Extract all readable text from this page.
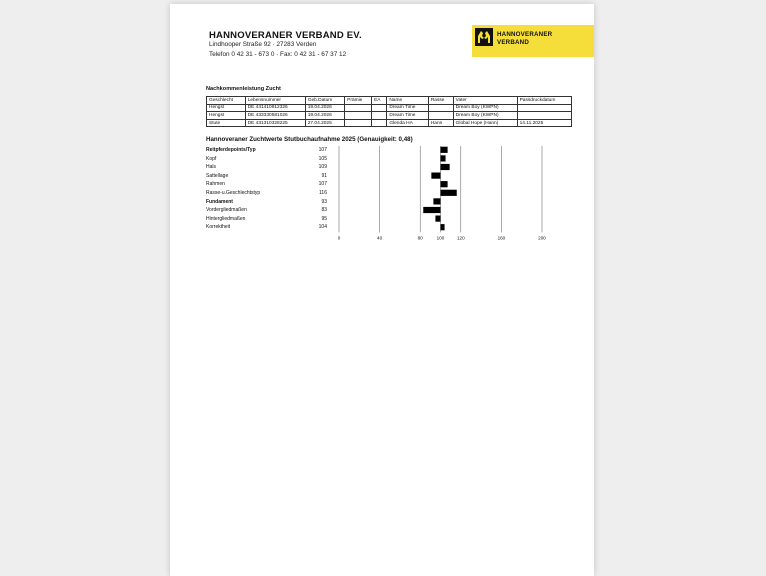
HANNOVERANER VERBAND EV.
Lindhooper Straße 92 · 27283 Verden
Telefon 0 42 31 - 673 0 · Fax: 0 42 31 - 67 37 12
HANNOVERANER
VERBAND
Nachkommenleistung Zucht
Geschlecht	Lebensnummer	Geb.Datum	Prämie	EA	Name	Rasse	Vater	Passdruckdatum
Hengst	DE 441410912326	19.04.2026			Dream Time		Dream Boy (KWPN)	
Hengst	DE 433330581026	19.04.2026			Dream Time		Dream Boy (KWPN)	
Stute	DE 431310328225	27.04.2025			Glenda HA	Hann	Global Hope (Hann)	14.11.2025
Hannoveraner Zuchtwerte Stutbuchaufnahme 2025 (Genauigkeit: 0,48)
Reitpferdepoints/Typ	107
Kopf	105
Hals	109
Sattellage	91
Rahmen	107
Rasse-u.Geschlechtstyp	116
Fundament	93
Vordergliedmaßen	83
Hintergliedmaßen	95
Korrektheit	104
0	40	80	100	120	160	200
